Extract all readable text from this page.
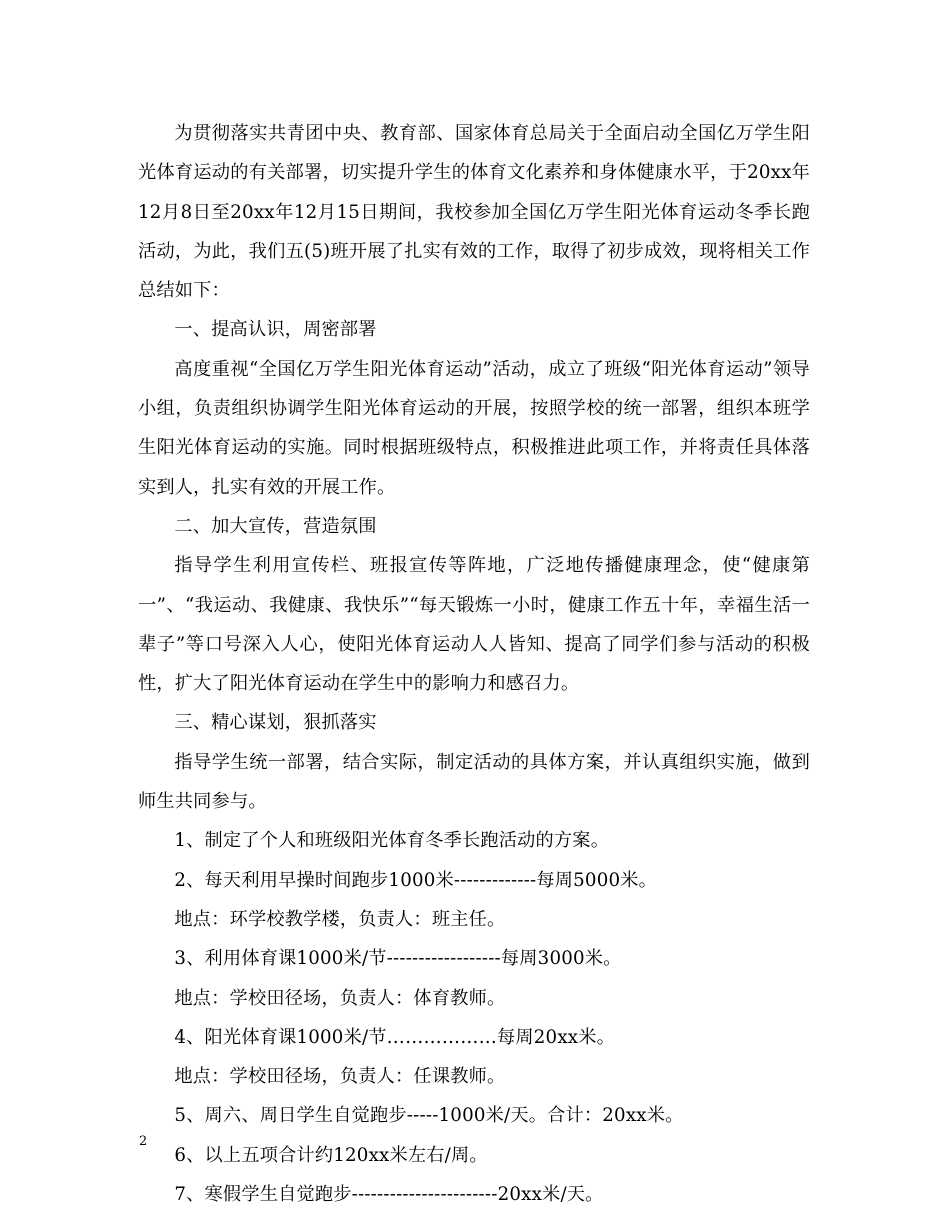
为贯彻落实共青团中央、教育部、国家体育总局关于全面启动全国亿万学生阳光体育运动的有关部署，切实提升学生的体育文化素养和身体健康水平，于20xx年12月8日至20xx年12月15日期间，我校参加全国亿万学生阳光体育运动冬季长跑活动，为此，我们五(5)班开展了扎实有效的工作，取得了初步成效，现将相关工作总结如下：

一、提高认识，周密部署

高度重视“全国亿万学生阳光体育运动”活动，成立了班级“阳光体育运动”领导小组，负责组织协调学生阳光体育运动的开展，按照学校的统一部署，组织本班学生阳光体育运动的实施。同时根据班级特点，积极推进此项工作，并将责任具体落实到人，扎实有效的开展工作。

二、加大宣传，营造氛围

指导学生利用宣传栏、班报宣传等阵地，广泛地传播健康理念，使“健康第一”、“我运动、我健康、我快乐”“每天锻炼一小时，健康工作五十年，幸福生活一辈子”等口号深入人心，使阳光体育运动人人皆知、提高了同学们参与活动的积极性，扩大了阳光体育运动在学生中的影响力和感召力。

三、精心谋划，狠抓落实

指导学生统一部署，结合实际，制定活动的具体方案，并认真组织实施，做到师生共同参与。

1、制定了个人和班级阳光体育冬季长跑活动的方案。

2、每天利用早操时间跑步1000米-------------每周5000米。

地点：环学校教学楼，负责人：班主任。

3、利用体育课1000米/节------------------每周3000米。

地点：学校田径场，负责人：体育教师。

4、阳光体育课1000米/节………………每周20xx米。

地点：学校田径场，负责人：任课教师。

5、周六、周日学生自觉跑步-----1000米/天。合计：20xx米。

6、以上五项合计约120xx米左右/周。

7、寒假学生自觉跑步-----------------------20xx米/天。

2
